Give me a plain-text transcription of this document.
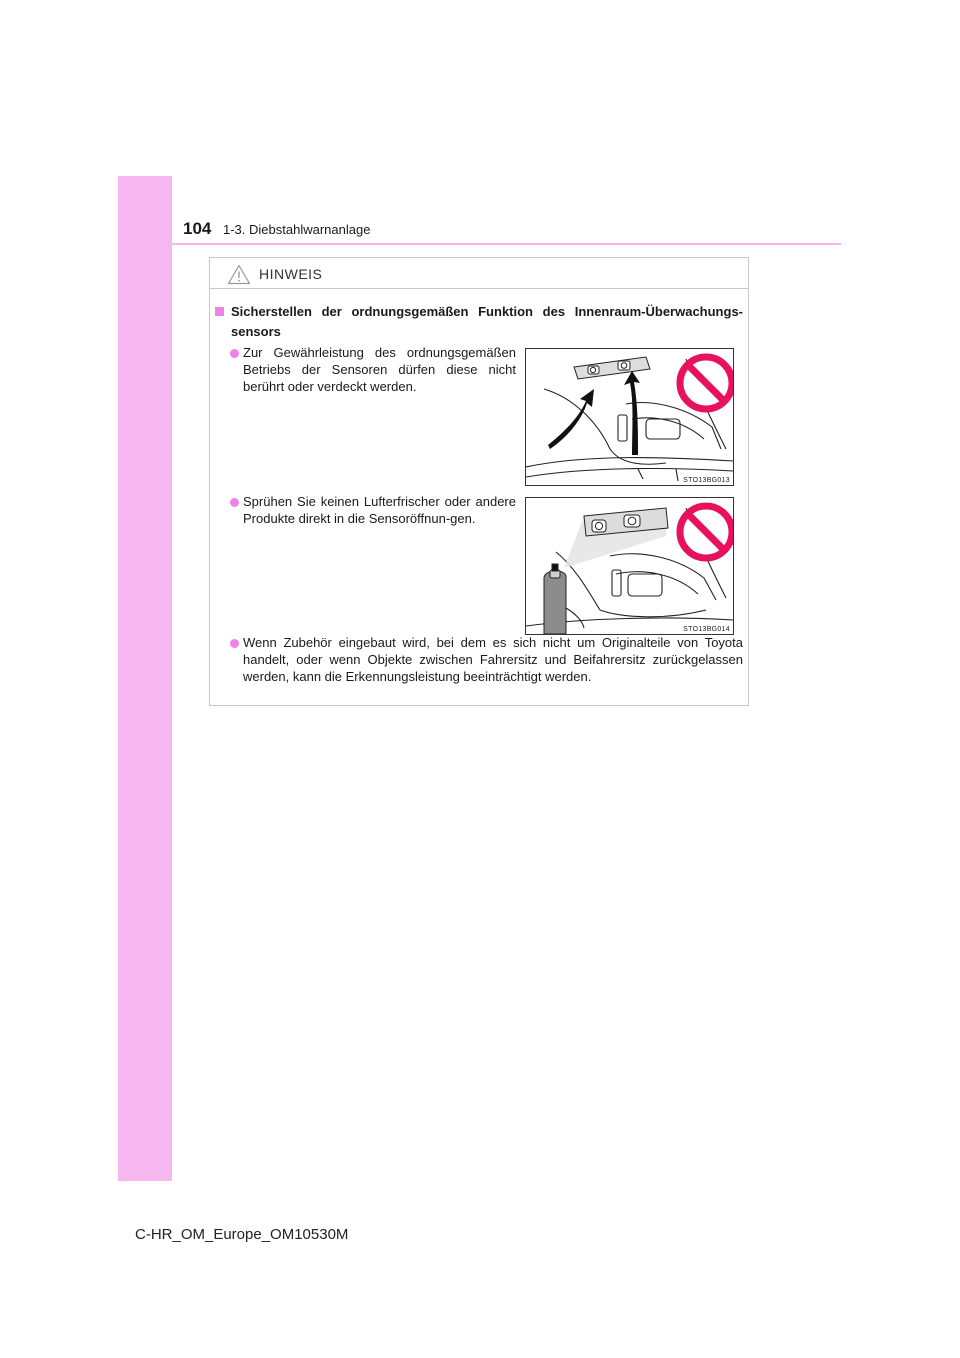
104 1-3. Diebstahlwarnanlage
HINWEIS
Sicherstellen der ordnungsgemäßen Funktion des Innenraum-Überwachungs-sensors
Zur Gewährleistung des ordnungsgemäßen Betriebs der Sensoren dürfen diese nicht berührt oder verdeckt werden.
STO13BG013
Sprühen Sie keinen Lufterfrischer oder andere Produkte direkt in die Sensoröffnun-gen.
STO13BG014
Wenn Zubehör eingebaut wird, bei dem es sich nicht um Originalteile von Toyota handelt, oder wenn Objekte zwischen Fahrersitz und Beifahrersitz zurückgelassen werden, kann die Erkennungsleistung beeinträchtigt werden.
C-HR_OM_Europe_OM10530M
